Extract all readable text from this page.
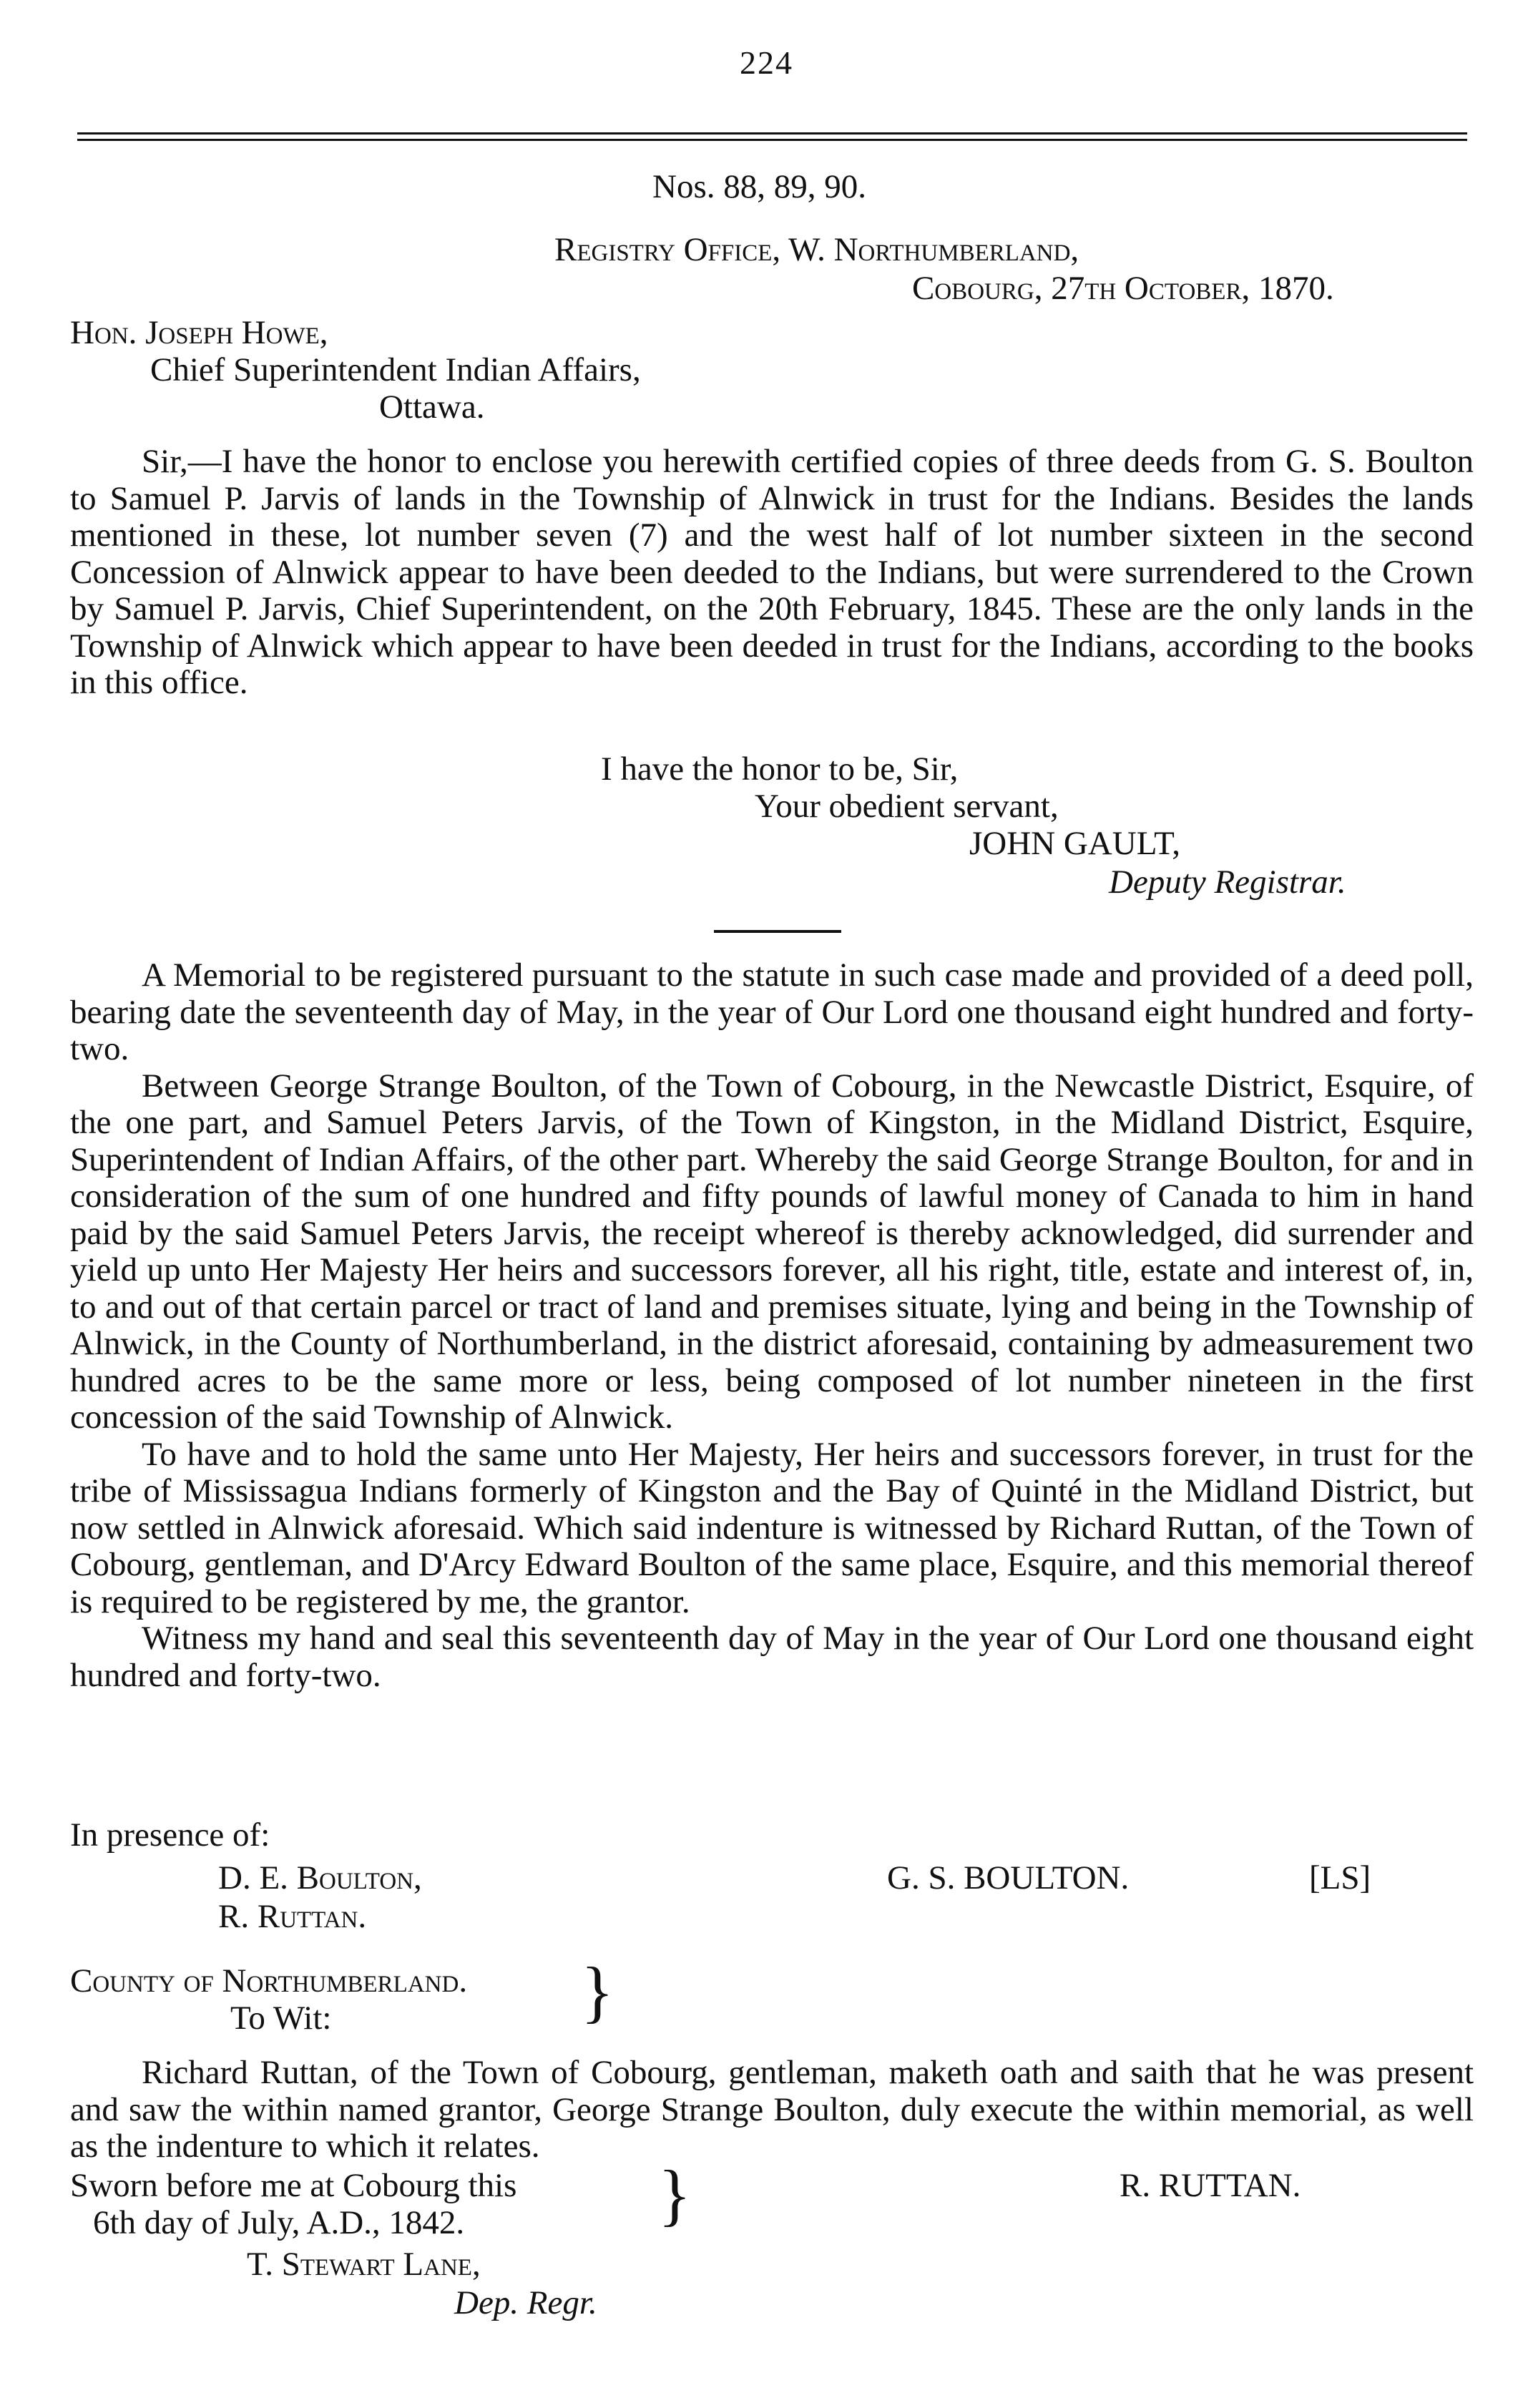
224
Nos. 88, 89, 90.
Registry Office, W. Northumberland,
Cobourg, 27th October, 1870.
Hon. Joseph Howe,
Chief Superintendent Indian Affairs,
Ottawa.

Sir,—I have the honor to enclose you herewith certified copies of three deeds from G. S. Boulton to Samuel P. Jarvis of lands in the Township of Alnwick in trust for the Indians. Besides the lands mentioned in these, lot number seven (7) and the west half of lot number sixteen in the second Concession of Alnwick appear to have been deeded to the Indians, but were surrendered to the Crown by Samuel P. Jarvis, Chief Superintendent, on the 20th February, 1845. These are the only lands in the Township of Alnwick which appear to have been deeded in trust for the Indians, according to the books in this office.

I have the honor to be, Sir,
Your obedient servant,
JOHN GAULT,
Deputy Registrar.

A Memorial to be registered pursuant to the statute in such case made and provided of a deed poll, bearing date the seventeenth day of May, in the year of Our Lord one thousand eight hundred and forty-two.

Between George Strange Boulton, of the Town of Cobourg, in the Newcastle District, Esquire, of the one part, and Samuel Peters Jarvis, of the Town of Kingston, in the Midland District, Esquire, Superintendent of Indian Affairs, of the other part. Whereby the said George Strange Boulton, for and in consideration of the sum of one hundred and fifty pounds of lawful money of Canada to him in hand paid by the said Samuel Peters Jarvis, the receipt whereof is thereby acknowledged, did surrender and yield up unto Her Majesty Her heirs and successors forever, all his right, title, estate and interest of, in, to and out of that certain parcel or tract of land and premises situate, lying and being in the Township of Alnwick, in the County of Northumberland, in the district aforesaid, containing by admeasurement two hundred acres to be the same more or less, being composed of lot number nineteen in the first concession of the said Township of Alnwick.

To have and to hold the same unto Her Majesty, Her heirs and successors forever, in trust for the tribe of Mississagua Indians formerly of Kingston and the Bay of Quinté in the Midland District, but now settled in Alnwick aforesaid. Which said indenture is witnessed by Richard Ruttan, of the Town of Cobourg, gentleman, and D'Arcy Edward Boulton of the same place, Esquire, and this memorial thereof is required to be registered by me, the grantor.

Witness my hand and seal this seventeenth day of May in the year of Our Lord one thousand eight hundred and forty-two.

In presence of:
D. E. Boulton,
R. Ruttan.
G. S. BOULTON.	[LS]
County of Northumberland.
To Wit:	}

Richard Ruttan, of the Town of Cobourg, gentleman, maketh oath and saith that he was present and saw the within named grantor, George Strange Boulton, duly execute the within memorial, as well as the indenture to which it relates.

Sworn before me at Cobourg this
6th day of July, A.D., 1842.	}	R. RUTTAN.
T. Stewart Lane,
Dep. Regr.
